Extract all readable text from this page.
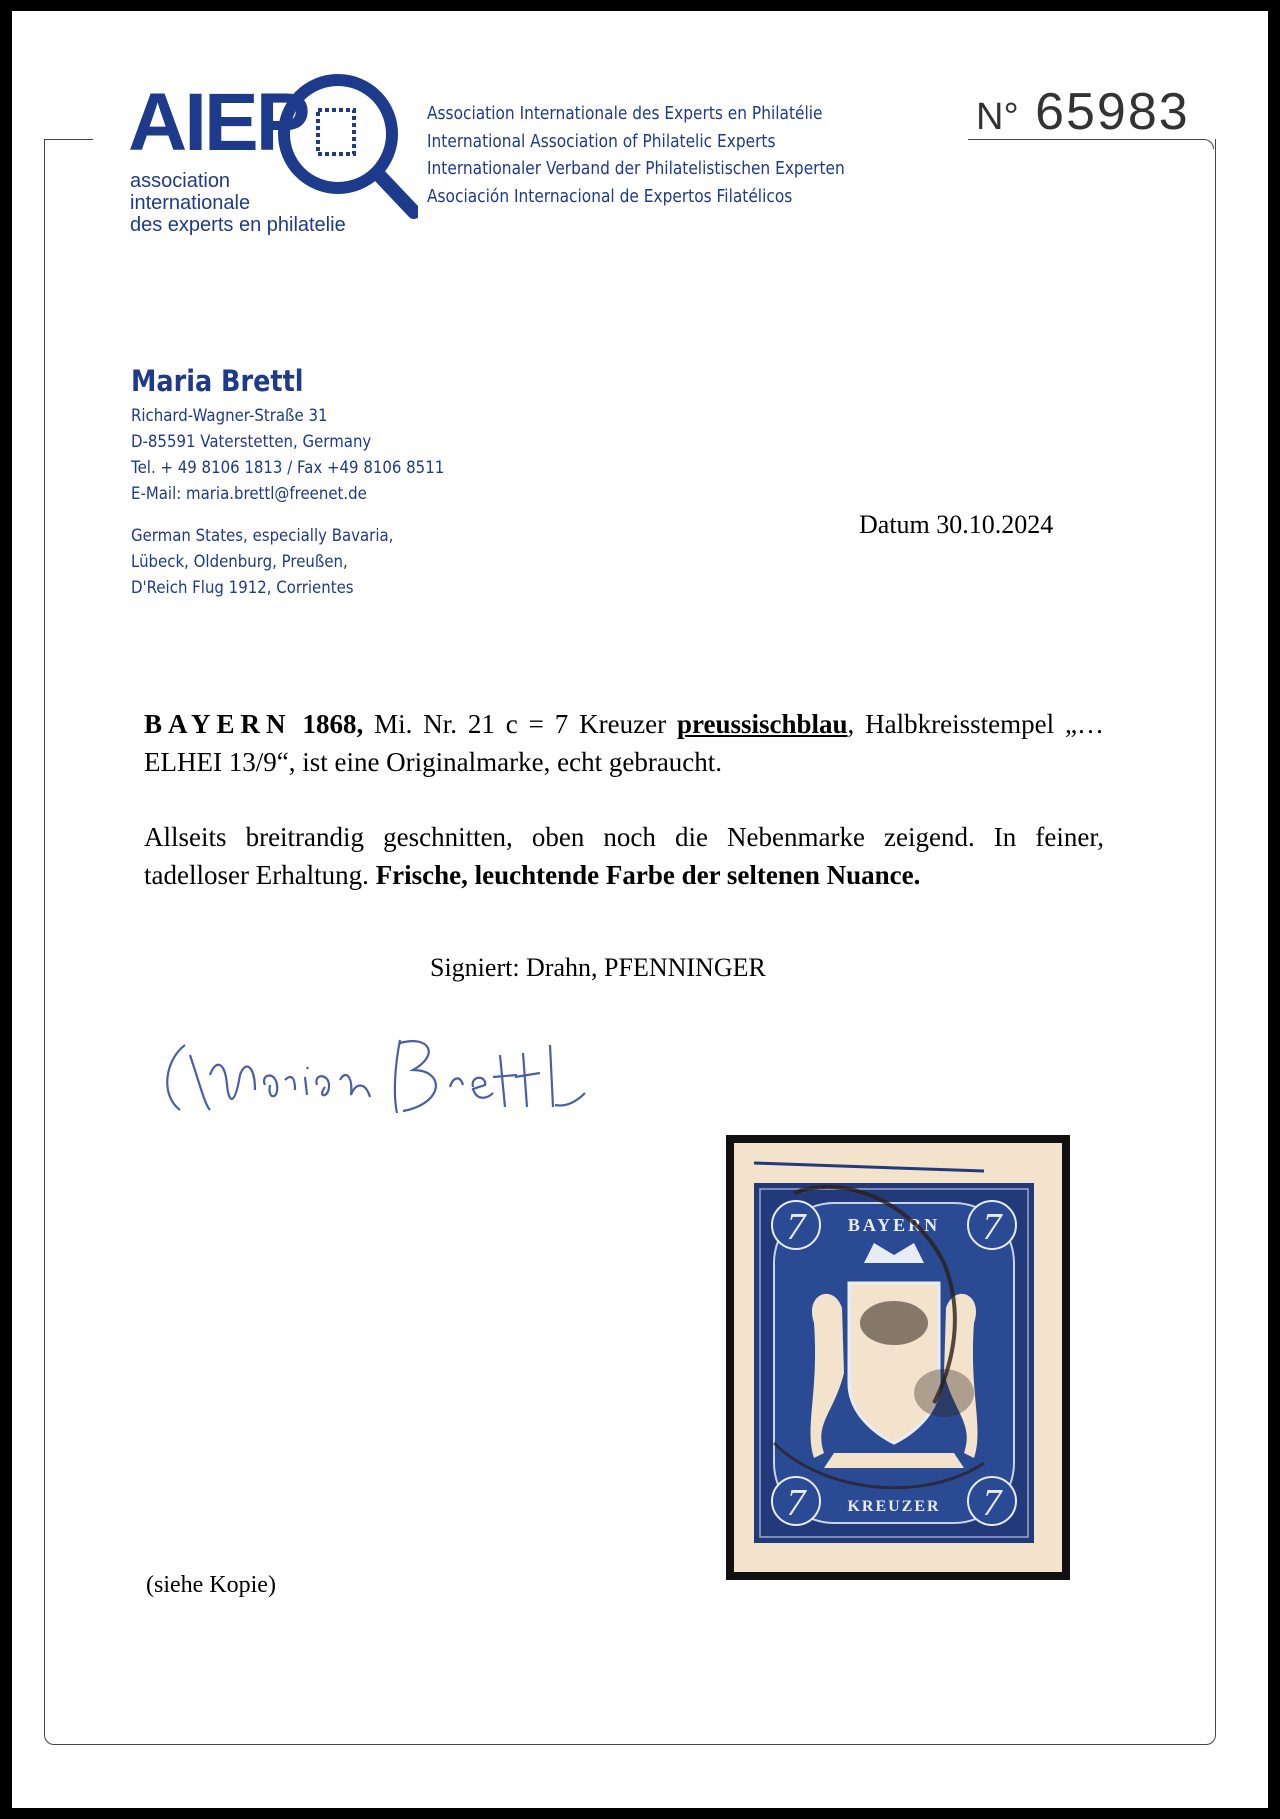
AIEP
association
internationale
des experts en philatelie
Association Internationale des Experts en Philatélie
International Association of Philatelic Experts
Internationaler Verband der Philatelistischen Experten
Asociación Internacional de Expertos Filatélicos
N° 65983
Maria Brettl
Richard-Wagner-Straße 31
D-85591 Vaterstetten, Germany
Tel. + 49 8106 1813 / Fax +49 8106 8511
E-Mail: maria.brettl@freenet.de
German States, especially Bavaria,
Lübeck, Oldenburg, Preußen,
D'Reich Flug 1912, Corrientes
Datum 30.10.2024
BAYERN 1868, Mi. Nr. 21 c = 7 Kreuzer preussischblau, Halbkreisstempel „…ELHEI 13/9“, ist eine Originalmarke, echt gebraucht.
Allseits breitrandig geschnitten, oben noch die Nebenmarke zeigend. In feiner, tadelloser Erhaltung. Frische, leuchtende Farbe der seltenen Nuance.
Signiert: Drahn, PFENNINGER
7	7
7	7
BAYERN
KREUZER
(siehe Kopie)
